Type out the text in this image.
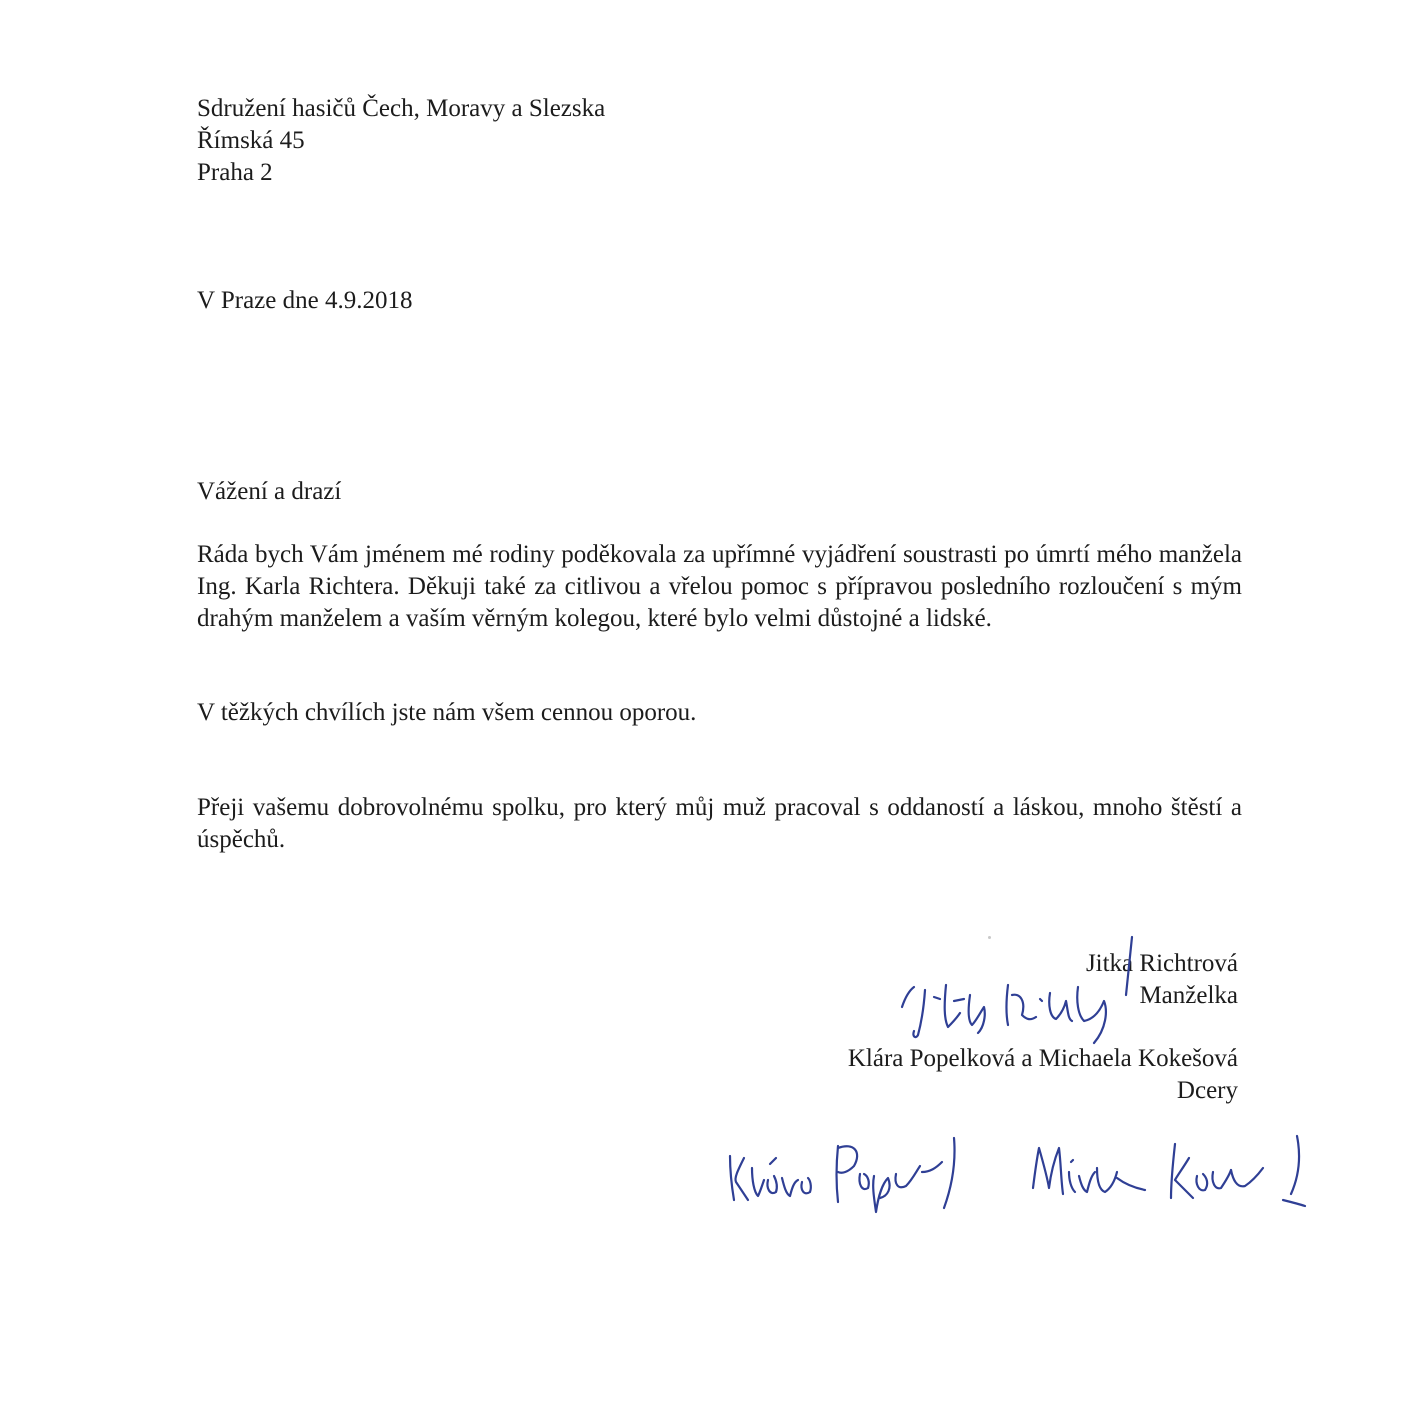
Sdružení hasičů Čech, Moravy a Slezska
Římská 45
Praha 2
V Praze dne 4.9.2018
Vážení a drazí
Ráda bych Vám jménem mé rodiny poděkovala za upřímné vyjádření soustrasti po úmrtí mého manžela Ing. Karla Richtera. Děkuji také za citlivou a vřelou pomoc s přípravou posledního rozloučení s mým drahým manželem a vaším věrným kolegou, které bylo velmi důstojné a lidské.
V těžkých chvílích jste nám všem cennou oporou.
Přeji vašemu dobrovolnému spolku, pro který můj muž pracoval s oddaností a láskou, mnoho štěstí a úspěchů.
Jitka Richtrová
Manželka
Klára Popelková a Michaela Kokešová
Dcery
